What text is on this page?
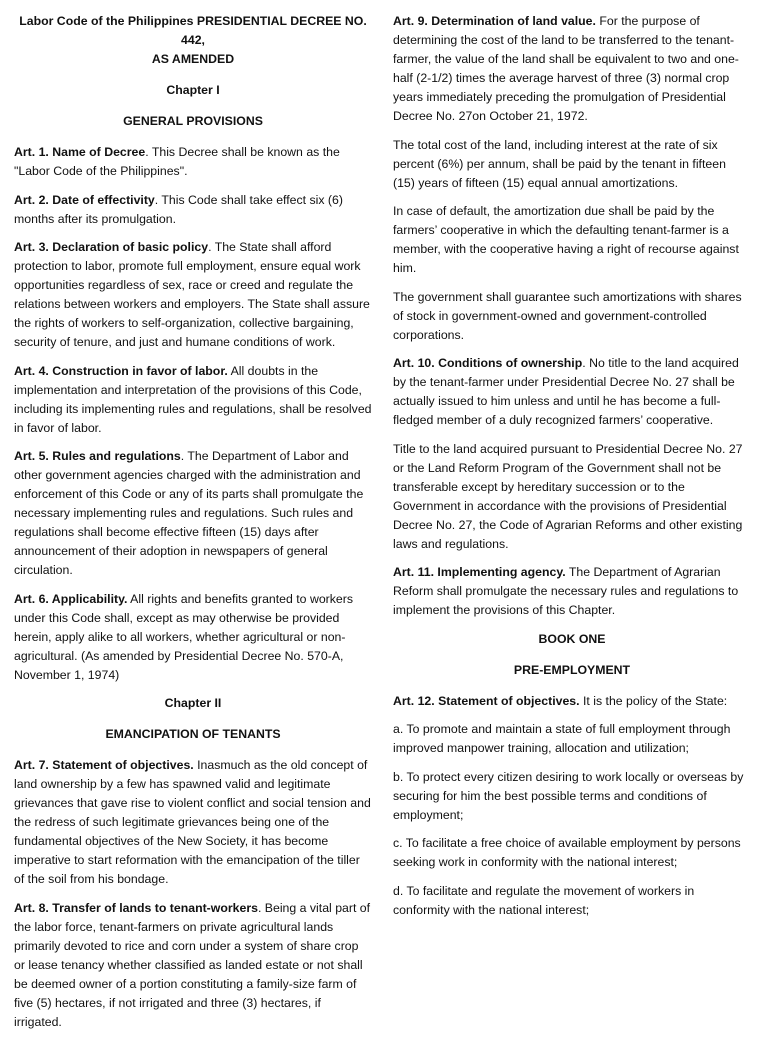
Labor Code of the Philippines PRESIDENTIAL DECREE NO. 442,
AS AMENDED

Chapter I

GENERAL PROVISIONS

Art. 1. Name of Decree. This Decree shall be known as the "Labor Code of the Philippines".

Art. 2. Date of effectivity. This Code shall take effect six (6) months after its promulgation.

Art. 3. Declaration of basic policy. The State shall afford protection to labor, promote full employment, ensure equal work opportunities regardless of sex, race or creed and regulate the relations between workers and employers. The State shall assure the rights of workers to self-organization, collective bargaining, security of tenure, and just and humane conditions of work.

Art. 4. Construction in favor of labor. All doubts in the implementation and interpretation of the provisions of this Code, including its implementing rules and regulations, shall be resolved in favor of labor.

Art. 5. Rules and regulations. The Department of Labor and other government agencies charged with the administration and enforcement of this Code or any of its parts shall promulgate the necessary implementing rules and regulations. Such rules and regulations shall become effective fifteen (15) days after announcement of their adoption in newspapers of general circulation.

Art. 6. Applicability. All rights and benefits granted to workers under this Code shall, except as may otherwise be provided herein, apply alike to all workers, whether agricultural or non-agricultural. (As amended by Presidential Decree No. 570-A, November 1, 1974)

Chapter II

EMANCIPATION OF TENANTS

Art. 7. Statement of objectives. Inasmuch as the old concept of land ownership by a few has spawned valid and legitimate grievances that gave rise to violent conflict and social tension and the redress of such legitimate grievances being one of the fundamental objectives of the New Society, it has become imperative to start reformation with the emancipation of the tiller of the soil from his bondage.

Art. 8. Transfer of lands to tenant-workers. Being a vital part of the labor force, tenant-farmers on private agricultural lands primarily devoted to rice and corn under a system of share crop or lease tenancy whether classified as landed estate or not shall be deemed owner of a portion constituting a family-size farm of five (5) hectares, if not irrigated and three (3) hectares, if irrigated.

Art. 9. Determination of land value. For the purpose of determining the cost of the land to be transferred to the tenant-farmer, the value of the land shall be equivalent to two and one-half (2-1/2) times the average harvest of three (3) normal crop years immediately preceding the promulgation of Presidential Decree No. 27on October 21, 1972.

The total cost of the land, including interest at the rate of six percent (6%) per annum, shall be paid by the tenant in fifteen (15) years of fifteen (15) equal annual amortizations.

In case of default, the amortization due shall be paid by the farmers’ cooperative in which the defaulting tenant-farmer is a member, with the cooperative having a right of recourse against him.

The government shall guarantee such amortizations with shares of stock in government-owned and government-controlled corporations.

Art. 10. Conditions of ownership. No title to the land acquired by the tenant-farmer under Presidential Decree No. 27 shall be actually issued to him unless and until he has become a full-fledged member of a duly recognized farmers’ cooperative.

Title to the land acquired pursuant to Presidential Decree No. 27 or the Land Reform Program of the Government shall not be transferable except by hereditary succession or to the Government in accordance with the provisions of Presidential Decree No. 27, the Code of Agrarian Reforms and other existing laws and regulations.

Art. 11. Implementing agency. The Department of Agrarian Reform shall promulgate the necessary rules and regulations to implement the provisions of this Chapter.

BOOK ONE

PRE-EMPLOYMENT

Art. 12. Statement of objectives. It is the policy of the State:

a. To promote and maintain a state of full employment through improved manpower training, allocation and utilization;

b. To protect every citizen desiring to work locally or overseas by securing for him the best possible terms and conditions of employment;

c. To facilitate a free choice of available employment by persons seeking work in conformity with the national interest;

d. To facilitate and regulate the movement of workers in conformity with the national interest;
